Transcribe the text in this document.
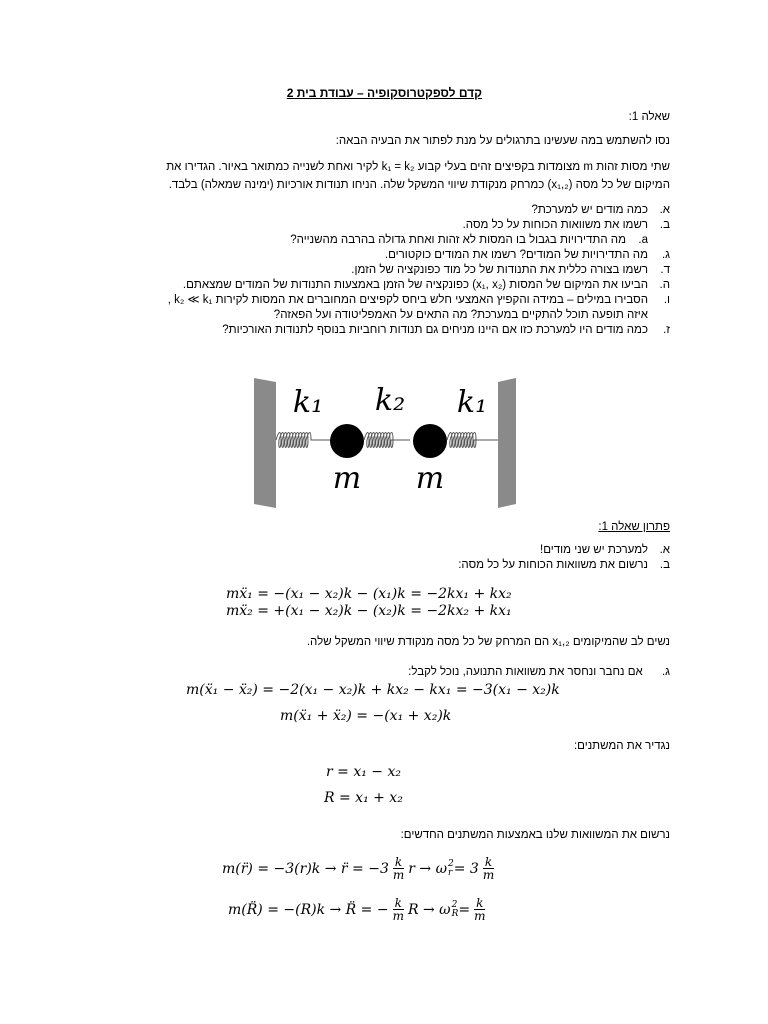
קדם לספקטרוסקופיה – עבודת בית 2
שאלה 1:
נסו להשתמש במה שעשינו בתרגולים על מנת לפתור את הבעיה הבאה:
שתי מסות זהות m מצומדות בקפיצים זהים בעלי קבוע k₁ = k₂ לקיר ואחת לשנייה כמתואר באיור. הגדירו את
המיקום של כל מסה (x₁,₂) כמרחק מנקודת שיווי המשקל שלה. הניחו תנודות אורכיות (ימינה שמאלה) בלבד.
א.
כמה מודים יש למערכת?
ב.
רשמו את משוואות הכוחות על כל מסה.
a.
מה התדירויות בגבול בו המסות לא זהות ואחת גדולה בהרבה מהשנייה?
ג.
מה התדירויות של המודים? רשמו את המודים כוקטורים.
ד.
רשמו בצורה כללית את התנודות של כל מוד כפונקציה של הזמן.
ה.
הביעו את המיקום של המסות (x₁, x₂) כפונקציה של הזמן באמצעות התנודות של המודים שמצאתם.
ו.
הסבירו במילים – במידה והקפיץ האמצעי חלש ביחס לקפיצים המחוברים את המסות לקירות k₂ ≪ k₁ ,
איזה תופעה תוכל להתקיים במערכת? מה התאים על האמפליטודה ועל הפאזה?
ז.
כמה מודים היו למערכת כזו אם היינו מניחים גם תנודות רוחביות בנוסף לתנודות האורכיות?
k₁ k₂ k₁
m m
פתרון שאלה 1:
א.
למערכת יש שני מודים!
ב.
נרשום את משוואות הכוחות על כל מסה:
mẍ₁ = −(x₁ − x₂)k − (x₁)k = −2kx₁ + kx₂
mẍ₂ = +(x₁ − x₂)k − (x₂)k = −2kx₂ + kx₁
נשים לב שהמיקומים x₁,₂ הם המרחק של כל מסה מנקודת שיווי המשקל שלה.
ג. אם נחבר ונחסר את משוואות התנועה, נוכל לקבל:
m(ẍ₁ − ẍ₂) = −2(x₁ − x₂)k + kx₂ − kx₁ = −3(x₁ − x₂)k
m(ẍ₁ + ẍ₂) = −(x₁ + x₂)k
נגדיר את המשתנים:
r = x₁ − x₂
R = x₁ + x₂
נרשום את המשוואות שלנו באמצעות המשתנים החדשים:
m(r̈) = −3(r)k → r̈ = $-3 \frac{k}{m}$ r → ω 2
$r = 3 \frac{k}{m}$
m(R̈) = −(R)k → R̈ = − $\frac{k}{m}$ R → ω 2
$R = \frac{k}{m}$
